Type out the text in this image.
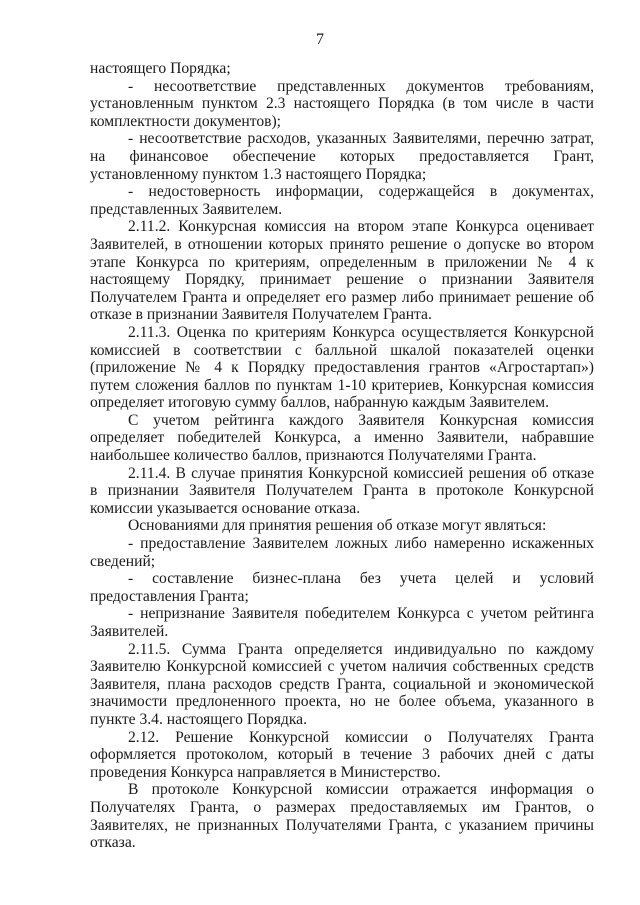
7

настоящего Порядка;

- несоответствие представленных документов требованиям, установленным пунктом 2.3 настоящего Порядка (в том числе в части комплектности документов);

- несоответствие расходов, указанных Заявителями, перечню затрат, на финансовое обеспечение которых предоставляется Грант, установленному пунктом 1.3 настоящего Порядка;

- недостоверность информации, содержащейся в документах, представленных Заявителем.

2.11.2. Конкурсная комиссия на втором этапе Конкурса оценивает Заявителей, в отношении которых принято решение о допуске во втором этапе Конкурса по критериям, определенным в приложении № 4 к настоящему Порядку, принимает решение о признании Заявителя Получателем Гранта и определяет его размер либо принимает решение об отказе в признании Заявителя Получателем Гранта.

2.11.3. Оценка по критериям Конкурса осуществляется Конкурсной комиссией в соответствии с балльной шкалой показателей оценки (приложение № 4 к Порядку предоставления грантов «Агростартап») путем сложения баллов по пунктам 1-10 критериев, Конкурсная комиссия определяет итоговую сумму баллов, набранную каждым Заявителем.

С учетом рейтинга каждого Заявителя Конкурсная комиссия определяет победителей Конкурса, а именно Заявители, набравшие наибольшее количество баллов, признаются Получателями Гранта.

2.11.4. В случае принятия Конкурсной комиссией решения об отказе в признании Заявителя Получателем Гранта в протоколе Конкурсной комиссии указывается основание отказа.

Основаниями для принятия решения об отказе могут являться:

- предоставление Заявителем ложных либо намеренно искаженных сведений;

- составление бизнес-плана без учета целей и условий предоставления Гранта;

- непризнание Заявителя победителем Конкурса с учетом рейтинга Заявителей.

2.11.5. Сумма Гранта определяется индивидуально по каждому Заявителю Конкурсной комиссией с учетом наличия собственных средств Заявителя, плана расходов средств Гранта, социальной и экономической значимости предлоненного проекта, но не более объема, указанного в пункте 3.4. настоящего Порядка.

2.12. Решение Конкурсной комиссии о Получателях Гранта оформляется протоколом, который в течение 3 рабочих дней с даты проведения Конкурса направляется в Министерство.

В протоколе Конкурсной комиссии отражается информация о Получателях Гранта, о размерах предоставляемых им Грантов, о Заявителях, не признанных Получателями Гранта, с указанием причины отказа.
